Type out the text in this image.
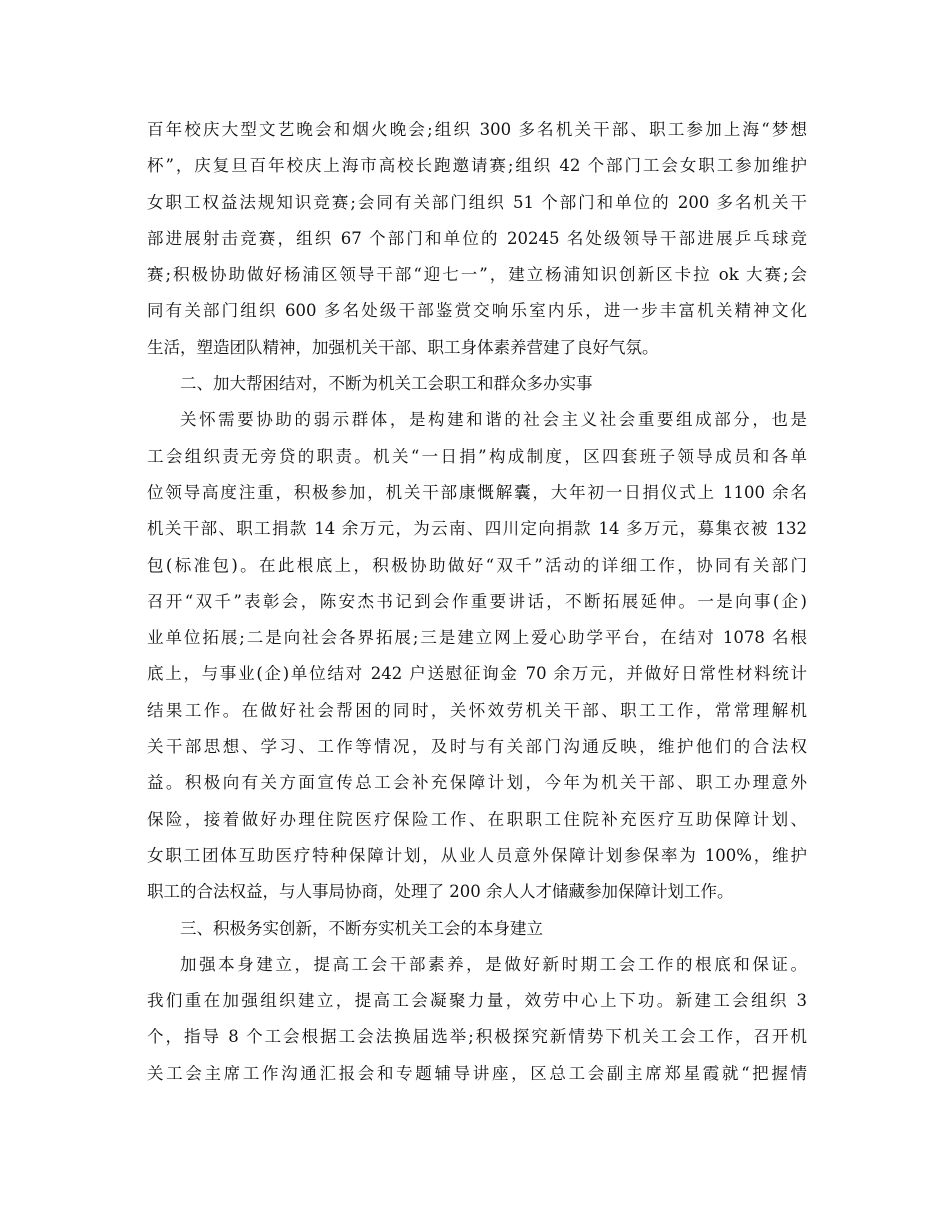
百年校庆大型文艺晚会和烟火晚会;组织 300 多名机关干部、职工参加上海“梦想
杯”，庆复旦百年校庆上海市高校长跑邀请赛;组织 42 个部门工会女职工参加维护
女职工权益法规知识竞赛;会同有关部门组织 51 个部门和单位的 200 多名机关干
部进展射击竞赛，组织 67 个部门和单位的 20245 名处级领导干部进展乒乓球竞
赛;积极协助做好杨浦区领导干部“迎七一”，建立杨浦知识创新区卡拉 ok 大赛;会
同有关部门组织 600 多名处级干部鉴赏交响乐室内乐，进一步丰富机关精神文化
生活，塑造团队精神，加强机关干部、职工身体素养营建了良好气氛。
二、加大帮困结对，不断为机关工会职工和群众多办实事
关怀需要协助的弱示群体，是构建和谐的社会主义社会重要组成部分，也是
工会组织责无旁贷的职责。机关“一日捐”构成制度，区四套班子领导成员和各单
位领导高度注重，积极参加，机关干部康慨解囊，大年初一日捐仪式上 1100 余名
机关干部、职工捐款 14 余万元，为云南、四川定向捐款 14 多万元，募集衣被 132
包(标准包)。在此根底上，积极协助做好“双千”活动的详细工作，协同有关部门
召开“双千”表彰会，陈安杰书记到会作重要讲话，不断拓展延伸。一是向事(企)
业单位拓展;二是向社会各界拓展;三是建立网上爱心助学平台，在结对 1078 名根
底上，与事业(企)单位结对 242 户送慰征询金 70 余万元，并做好日常性材料统计
结果工作。在做好社会帮困的同时，关怀效劳机关干部、职工工作，常常理解机
关干部思想、学习、工作等情况，及时与有关部门沟通反映，维护他们的合法权
益。积极向有关方面宣传总工会补充保障计划，今年为机关干部、职工办理意外
保险，接着做好办理住院医疗保险工作、在职职工住院补充医疗互助保障计划、
女职工团体互助医疗特种保障计划，从业人员意外保障计划参保率为 100%，维护
职工的合法权益，与人事局协商，处理了 200 余人人才储藏参加保障计划工作。
三、积极务实创新，不断夯实机关工会的本身建立
加强本身建立，提高工会干部素养，是做好新时期工会工作的根底和保证。
我们重在加强组织建立，提高工会凝聚力量，效劳中心上下功。新建工会组织 3
个，指导 8 个工会根据工会法换届选举;积极探究新情势下机关工会工作，召开机
关工会主席工作沟通汇报会和专题辅导讲座，区总工会副主席郑星霞就“把握情
